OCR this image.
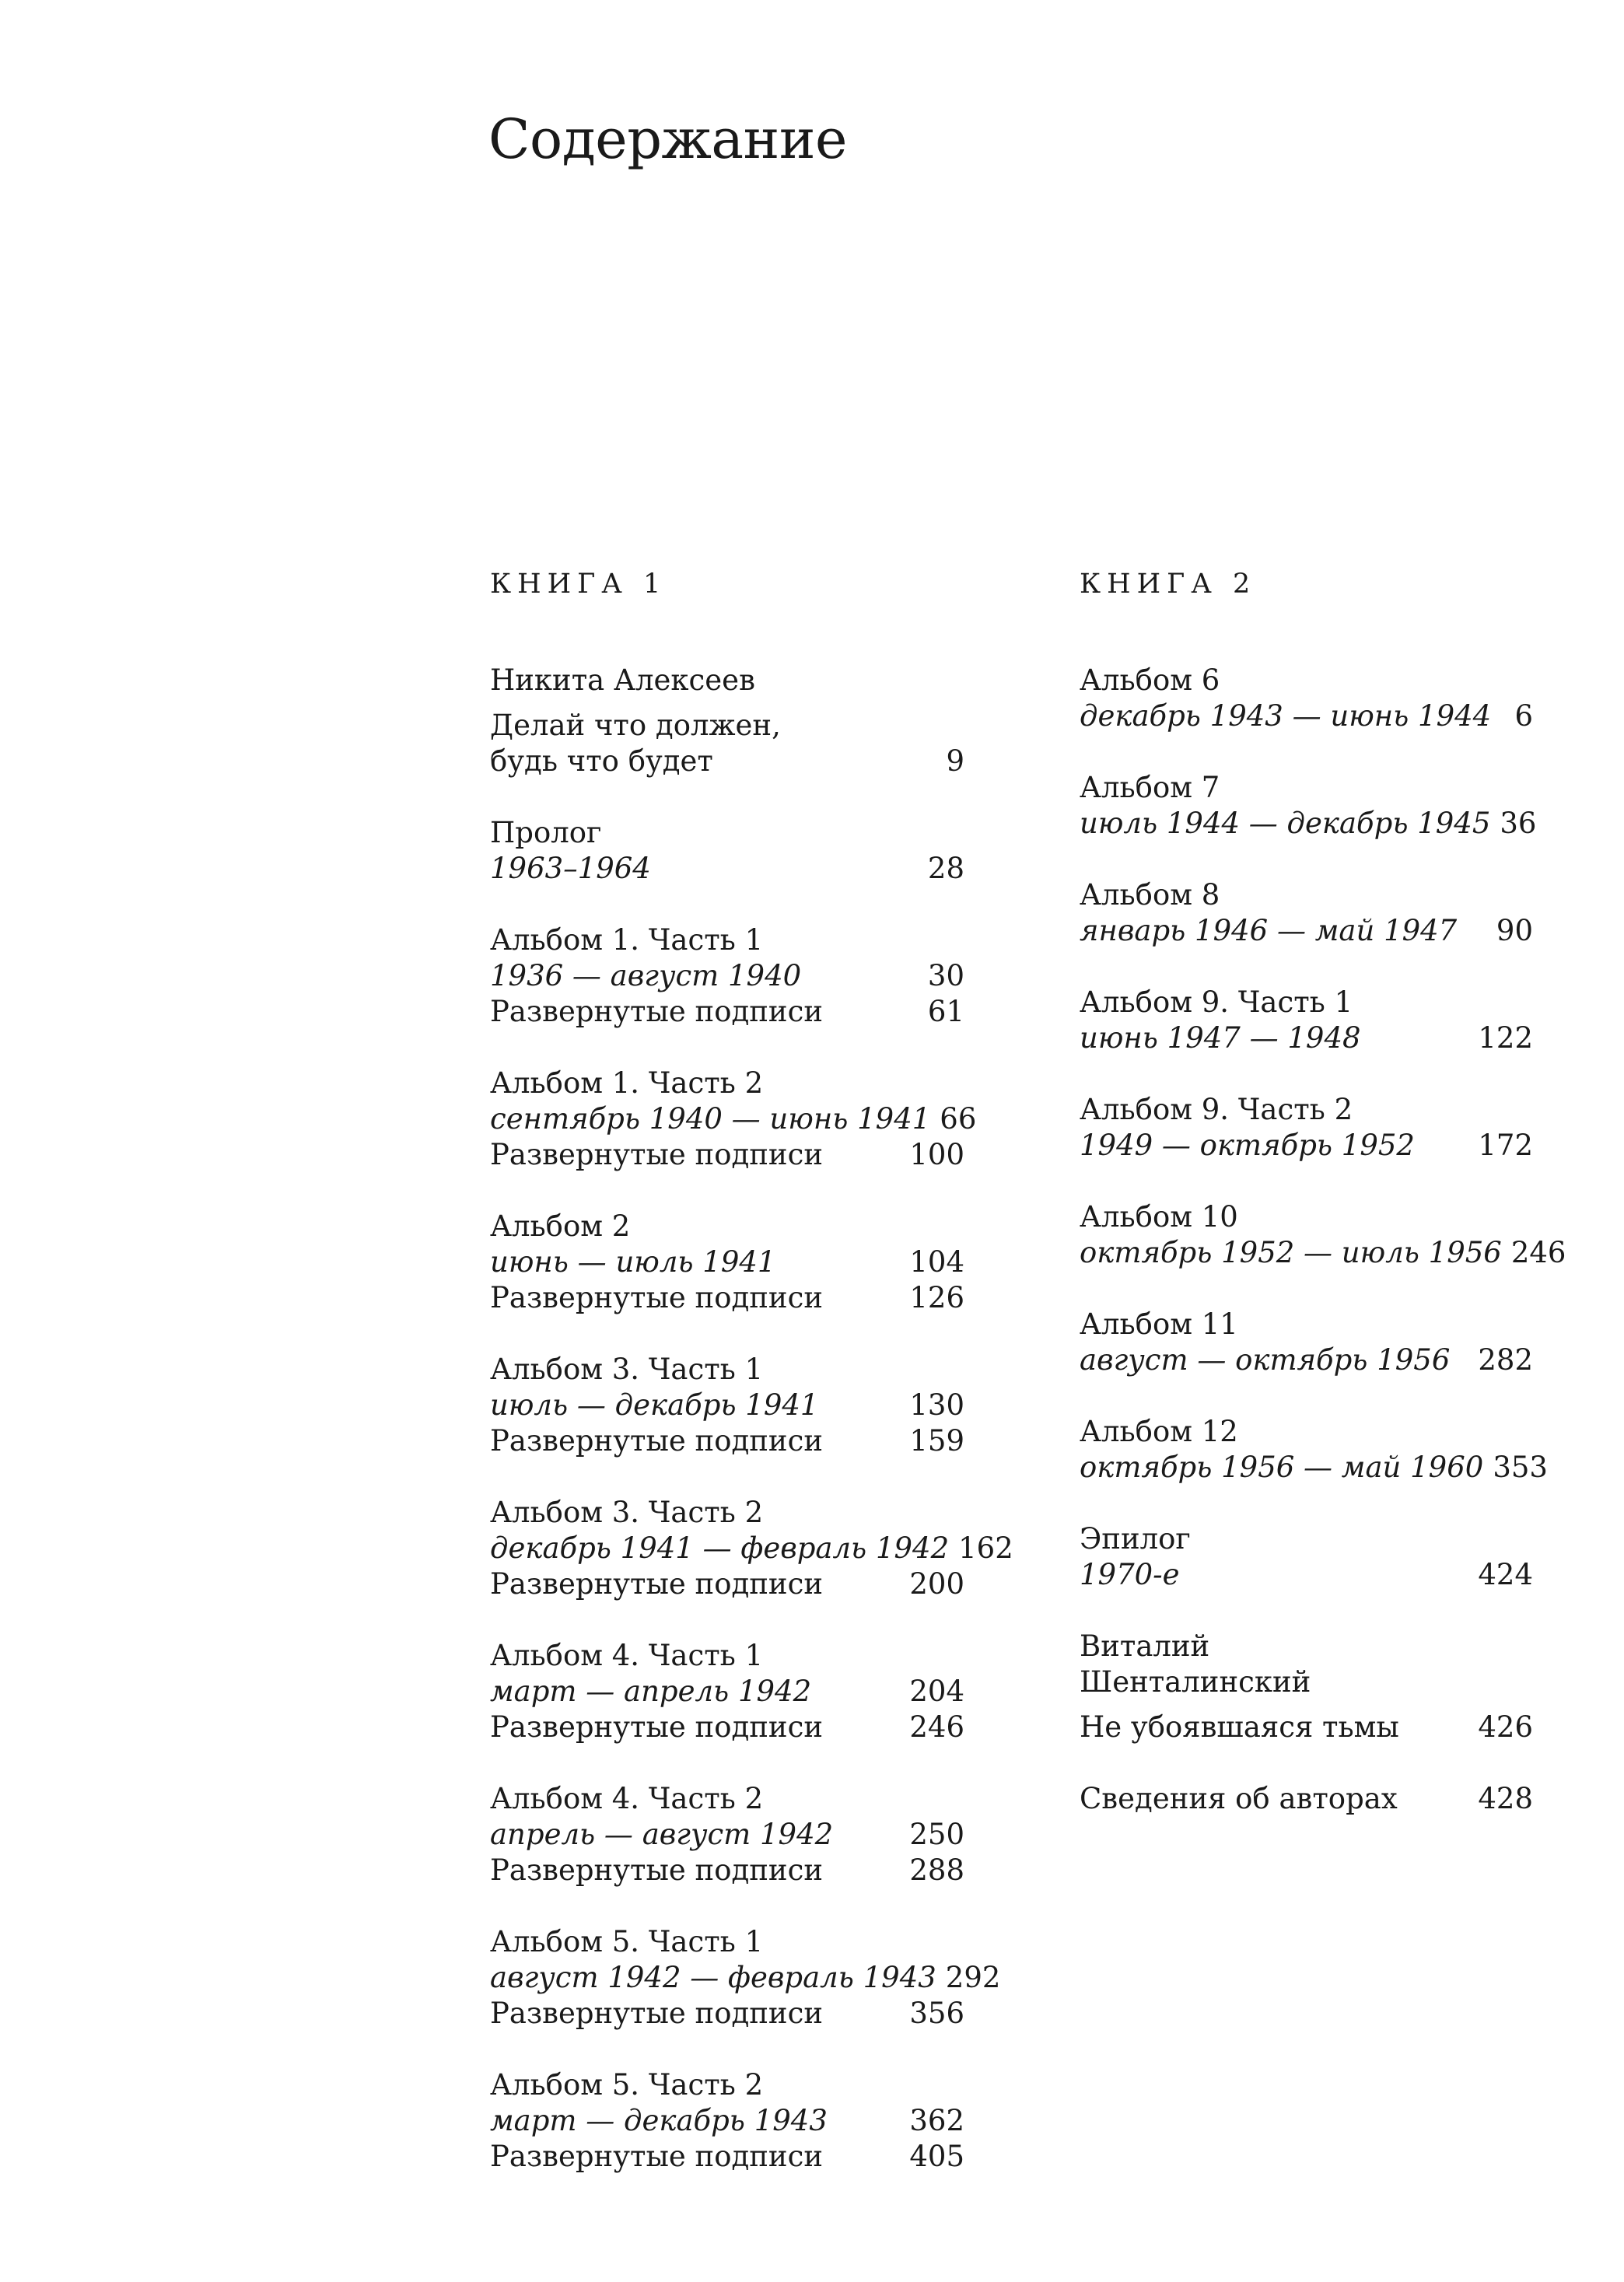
Содержание
КНИГА 1
Никита Алексеев
Делай что должен,
будь что будет	9
Пролог
1963–1964	28
Альбом 1. Часть 1
1936 — август 1940	30
Развернутые подписи	61
Альбом 1. Часть 2
сентябрь 1940 — июнь 1941 66
Развернутые подписи	100
Альбом 2
июнь — июль 1941	104
Развернутые подписи	126
Альбом 3. Часть 1
июль — декабрь 1941	130
Развернутые подписи	159
Альбом 3. Часть 2
декабрь 1941 — февраль 1942 162
Развернутые подписи	200
Альбом 4. Часть 1
март — апрель 1942	204
Развернутые подписи	246
Альбом 4. Часть 2
апрель — август 1942	250
Развернутые подписи	288
Альбом 5. Часть 1
август 1942 — февраль 1943 292
Развернутые подписи	356
Альбом 5. Часть 2
март — декабрь 1943	362
Развернутые подписи	405
КНИГА 2
Альбом 6
декабрь 1943 — июнь 1944 6
Альбом 7
июль 1944 — декабрь 1945 36
Альбом 8
январь 1946 — май 1947	90
Альбом 9. Часть 1
июнь 1947 — 1948	122
Альбом 9. Часть 2
1949 — октябрь 1952	172
Альбом 10
октябрь 1952 — июль 1956 246
Альбом 11
август — октябрь 1956 282
Альбом 12
октябрь 1956 — май 1960 353
Эпилог
1970-е	424
Виталий
Шенталинский
Не убоявшаяся тьмы	426
Сведения об авторах	428
